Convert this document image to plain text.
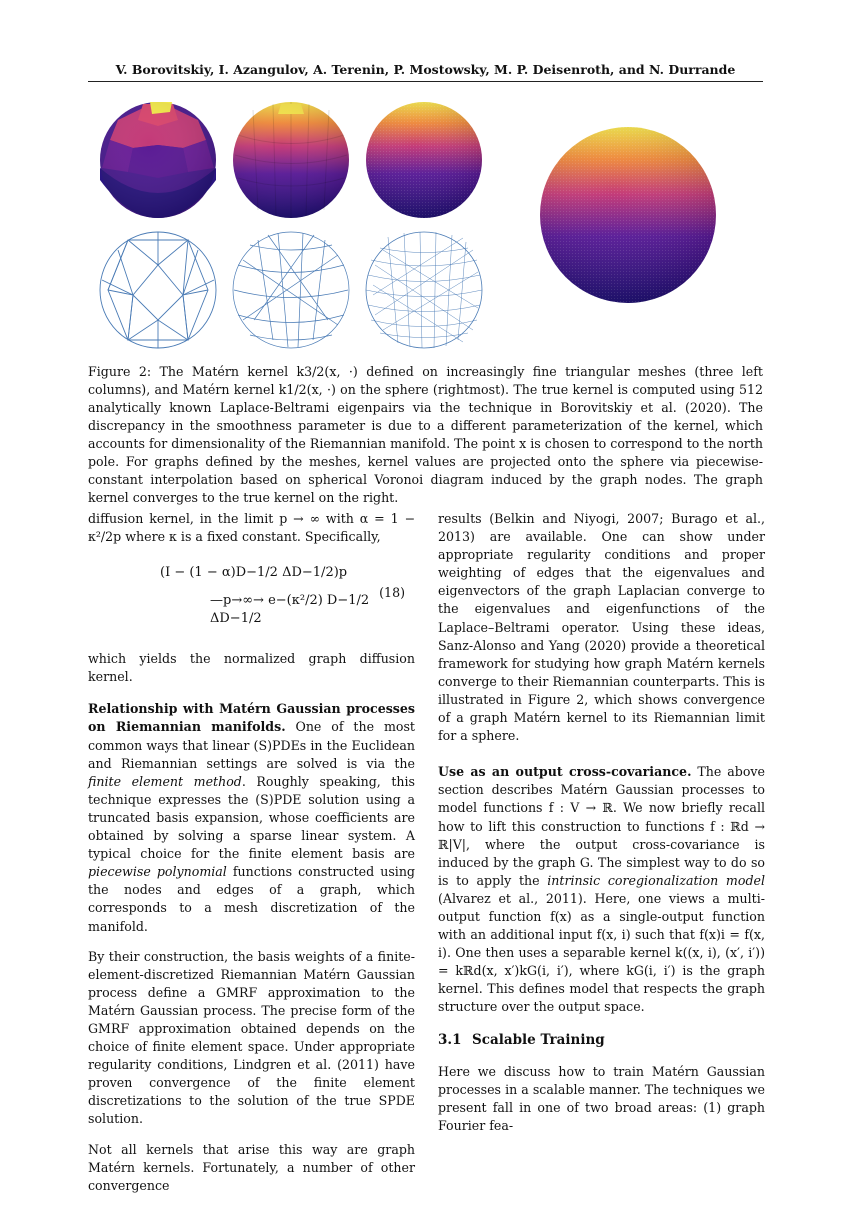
V. Borovitskiy, I. Azangulov, A. Terenin, P. Mostowsky, M. P. Deisenroth, and N. Durrande
Figure 2: The Matérn kernel k3/2(x, ·) defined on increasingly fine triangular meshes (three left columns), and Matérn kernel k1/2(x, ·) on the sphere (rightmost). The true kernel is computed using 512 analytically known Laplace-Beltrami eigenpairs via the technique in Borovitskiy et al. (2020). The discrepancy in the smoothness parameter is due to a different parameterization of the kernel, which accounts for dimensionality of the Riemannian manifold. The point x is chosen to correspond to the north pole. For graphs defined by the meshes, kernel values are projected onto the sphere via piecewise-constant interpolation based on spherical Voronoi diagram induced by the graph nodes. The graph kernel converges to the true kernel on the right.

diffusion kernel, in the limit p → ∞ with α = 1 − κ²/2p where κ is a fixed constant. Specifically,

(I − (1 − α)D−1/2 ΔD−1/2)p
—p→∞→ e−(κ²/2) D−1/2 ΔD−1/2
(18)

which yields the normalized graph diffusion kernel.

Relationship with Matérn Gaussian processes on Riemannian manifolds. One of the most common ways that linear (S)PDEs in the Euclidean and Riemannian settings are solved is via the finite element method. Roughly speaking, this technique expresses the (S)PDE solution using a truncated basis expansion, whose coefficients are obtained by solving a sparse linear system. A typical choice for the finite element basis are piecewise polynomial functions constructed using the nodes and edges of a graph, which corresponds to a mesh discretization of the manifold.

By their construction, the basis weights of a finite-element-discretized Riemannian Matérn Gaussian process define a GMRF approximation to the Matérn Gaussian process. The precise form of the GMRF approximation obtained depends on the choice of finite element space. Under appropriate regularity conditions, Lindgren et al. (2011) have proven convergence of the finite element discretizations to the solution of the true SPDE solution.

Not all kernels that arise this way are graph Matérn kernels. Fortunately, a number of other convergence

results (Belkin and Niyogi, 2007; Burago et al., 2013) are available. One can show under appropriate regularity conditions and proper weighting of edges that the eigenvalues and eigenvectors of the graph Laplacian converge to the eigenvalues and eigenfunctions of the Laplace–Beltrami operator. Using these ideas, Sanz-Alonso and Yang (2020) provide a theoretical framework for studying how graph Matérn kernels converge to their Riemannian counterparts. This is illustrated in Figure 2, which shows convergence of a graph Matérn kernel to its Riemannian limit for a sphere.

Use as an output cross-covariance. The above section describes Matérn Gaussian processes to model functions f : V → ℝ. We now briefly recall how to lift this construction to functions f : ℝd → ℝ|V|, where the output cross-covariance is induced by the graph G. The simplest way to do so is to apply the intrinsic coregionalization model (Alvarez et al., 2011). Here, one views a multi-output function f(x) as a single-output function with an additional input f(x, i) such that f(x)i = f(x, i). One then uses a separable kernel k((x, i), (x′, i′)) = kℝd(x, x′)kG(i, i′), where kG(i, i′) is the graph kernel. This defines model that respects the graph structure over the output space.

3.1 Scalable Training

Here we discuss how to train Matérn Gaussian processes in a scalable manner. The techniques we present fall in one of two broad areas: (1) graph Fourier fea-
